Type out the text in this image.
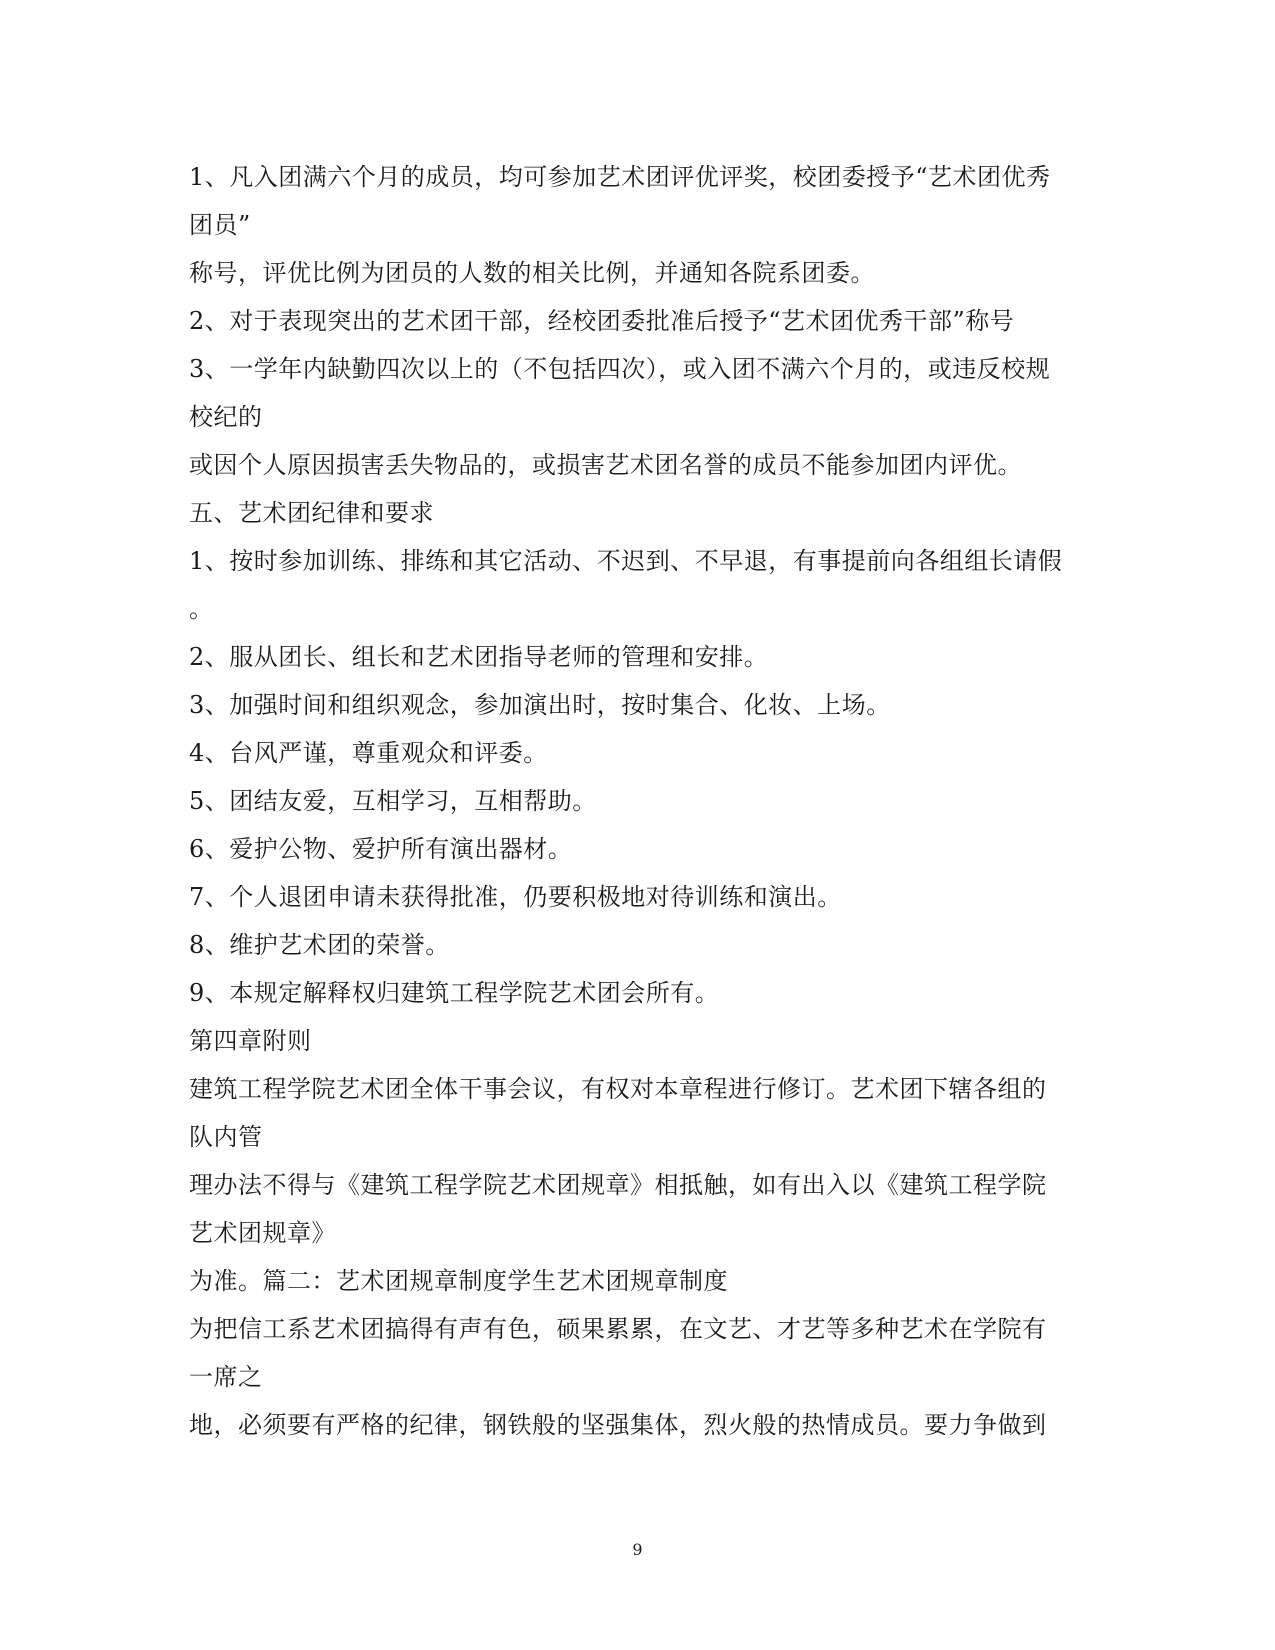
1、凡入团满六个月的成员，均可参加艺术团评优评奖，校团委授予“艺术团优秀
团员”
称号，评优比例为团员的人数的相关比例，并通知各院系团委。
2、对于表现突出的艺术团干部，经校团委批准后授予“艺术团优秀干部”称号
3、一学年内缺勤四次以上的（不包括四次），或入团不满六个月的，或违反校规
校纪的
或因个人原因损害丢失物品的，或损害艺术团名誉的成员不能参加团内评优。
五、艺术团纪律和要求
1、按时参加训练、排练和其它活动、不迟到、不早退，有事提前向各组组长请假
。
2、服从团长、组长和艺术团指导老师的管理和安排。
3、加强时间和组织观念，参加演出时，按时集合、化妆、上场。
4、台风严谨，尊重观众和评委。
5、团结友爱，互相学习，互相帮助。
6、爱护公物、爱护所有演出器材。
7、个人退团申请未获得批准，仍要积极地对待训练和演出。
8、维护艺术团的荣誉。
9、本规定解释权归建筑工程学院艺术团会所有。
第四章附则
建筑工程学院艺术团全体干事会议，有权对本章程进行修订。艺术团下辖各组的
队内管
理办法不得与《建筑工程学院艺术团规章》相抵触，如有出入以《建筑工程学院
艺术团规章》
为准。篇二：艺术团规章制度学生艺术团规章制度
为把信工系艺术团搞得有声有色，硕果累累，在文艺、才艺等多种艺术在学院有
一席之
地，必须要有严格的纪律，钢铁般的坚强集体，烈火般的热情成员。要力争做到
9
